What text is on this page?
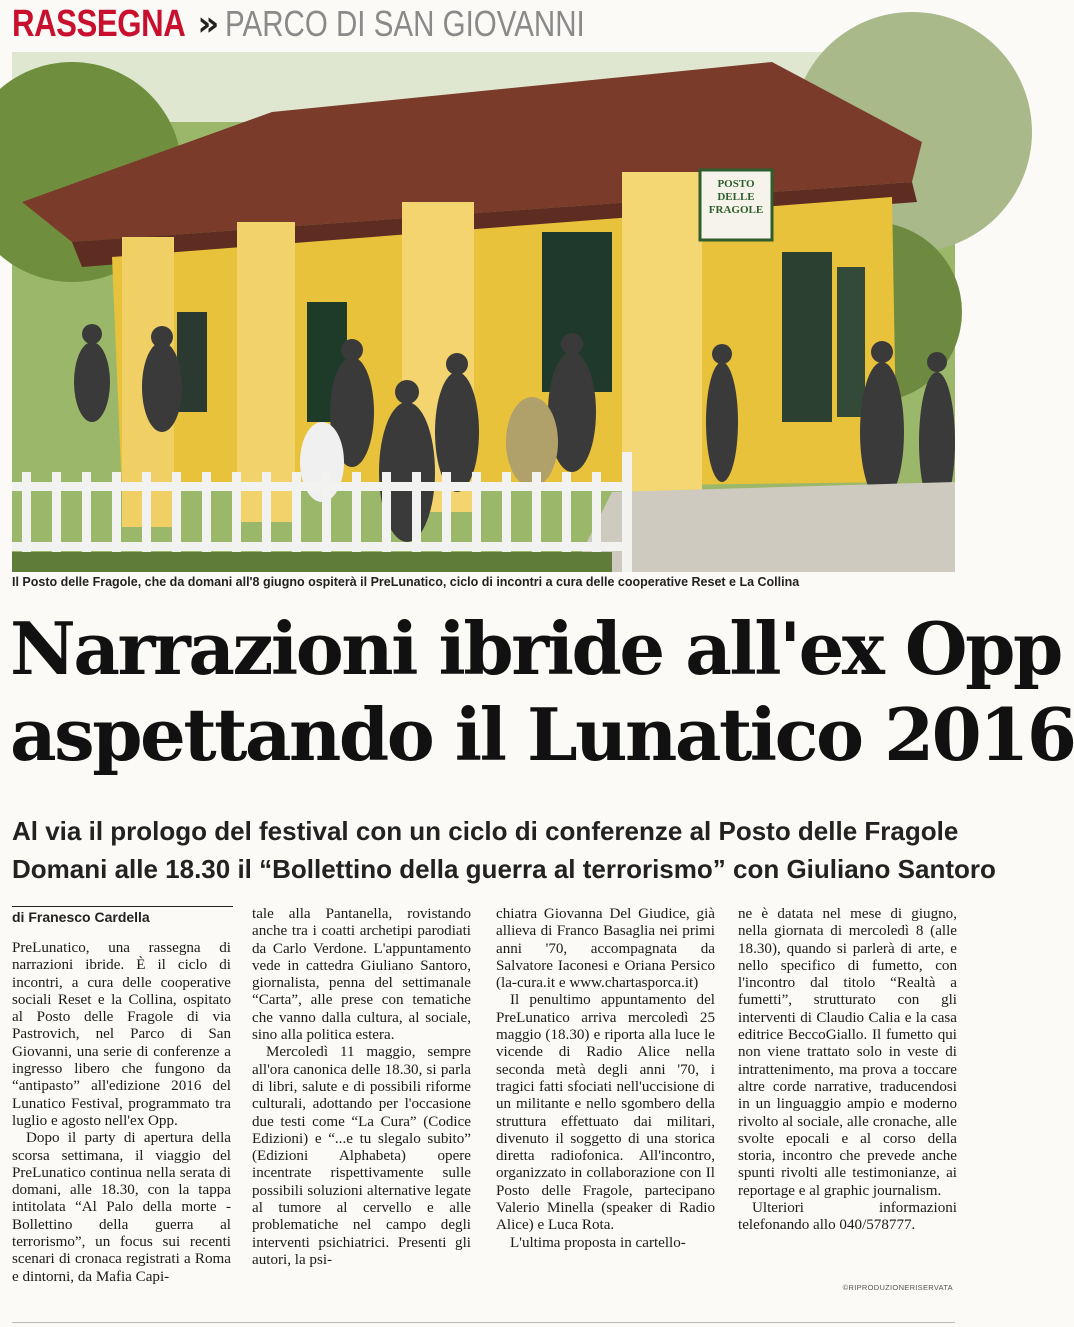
RASSEGNA » PARCO DI SAN GIOVANNI
POSTO
DELLE
FRAGOLE
Il Posto delle Fragole, che da domani all'8 giugno ospiterà il PreLunatico, ciclo di incontri a cura delle cooperative Reset e La Collina
Narrazioni ibride all'ex Opp
aspettando il Lunatico 2016
Al via il prologo del festival con un ciclo di conferenze al Posto delle Fragole
Domani alle 18.30 il “Bollettino della guerra al terrorismo” con Giuliano Santoro
di Franesco Cardella

PreLunatico, una rassegna di narrazioni ibride. È il ciclo di incontri, a cura delle cooperative sociali Reset e la Collina, ospitato al Posto delle Fragole di via Pastrovich, nel Parco di San Giovanni, una serie di conferenze a ingresso libero che fungono da “antipasto” all'edizione 2016 del Lunatico Festival, programmato tra luglio e agosto nell'ex Opp.

Dopo il party di apertura della scorsa settimana, il viaggio del PreLunatico continua nella serata di domani, alle 18.30, con la tappa intitolata “Al Palo della morte - Bollettino della guerra al terrorismo”, un focus sui recenti scenari di cronaca registrati a Roma e dintorni, da Mafia Capi-

tale alla Pantanella, rovistando anche tra i coatti archetipi parodiati da Carlo Verdone. L'appuntamento vede in cattedra Giuliano Santoro, giornalista, penna del settimanale “Carta”, alle prese con tematiche che vanno dalla cultura, al sociale, sino alla politica estera.

Mercoledì 11 maggio, sempre all'ora canonica delle 18.30, si parla di libri, salute e di possibili riforme culturali, adottando per l'occasione due testi come “La Cura” (Codice Edizioni) e “...e tu slegalo subito” (Edizioni Alphabeta) opere incentrate rispettivamente sulle possibili soluzioni alternative legate al tumore al cervello e alle problematiche nel campo degli interventi psichiatrici. Presenti gli autori, la psi-

chiatra Giovanna Del Giudice, già allieva di Franco Basaglia nei primi anni '70, accompagnata da Salvatore Iaconesi e Oriana Persico (la-cura.it e www.chartasporca.it)

Il penultimo appuntamento del PreLunatico arriva mercoledì 25 maggio (18.30) e riporta alla luce le vicende di Radio Alice nella seconda metà degli anni '70, i tragici fatti sfociati nell'uccisione di un militante e nello sgombero della struttura effettuato dai militari, divenuto il soggetto di una storica diretta radiofonica. All'incontro, organizzato in collaborazione con Il Posto delle Fragole, partecipano Valerio Minella (speaker di Radio Alice) e Luca Rota.

L'ultima proposta in cartello-

ne è datata nel mese di giugno, nella giornata di mercoledì 8 (alle 18.30), quando si parlerà di arte, e nello specifico di fumetto, con l'incontro dal titolo “Realtà a fumetti”, strutturato con gli interventi di Claudio Calia e la casa editrice BeccoGiallo. Il fumetto qui non viene trattato solo in veste di intrattenimento, ma prova a toccare altre corde narrative, traducendosi in un linguaggio ampio e moderno rivolto al sociale, alle cronache, alle svolte epocali e al corso della storia, incontro che prevede anche spunti rivolti alle testimonianze, ai reportage e al graphic journalism.

Ulteriori informazioni telefonando allo 040/578777.

©RIPRODUZIONERISERVATA
